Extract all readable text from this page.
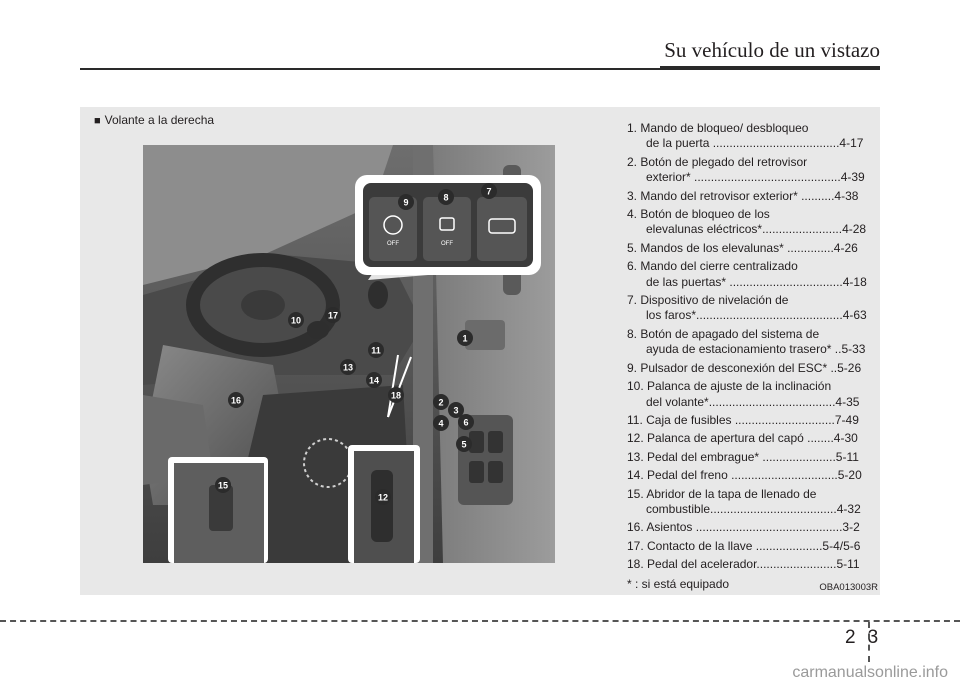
Su vehículo de un vistazo
■ Volante a la derecha
OFF	OFF
7
8
9
1
2
3
4 6
5
10	17
11
13
14
18
16
15
12
1. Mando de bloqueo/ desbloqueo
de la puerta ......................................4-17
2. Botón de plegado del retrovisor
exterior* ............................................4-39
3. Mando del retrovisor exterior* ..........4-38
4. Botón de bloqueo de los
elevalunas eléctricos*........................4-28
5. Mandos de los elevalunas* ..............4-26
6. Mando del cierre centralizado
de las puertas* ..................................4-18
7. Dispositivo de nivelación de
los faros*............................................4-63
8. Botón de apagado del sistema de
ayuda de estacionamiento trasero* ..5-33
9. Pulsador de desconexión del ESC* ..5-26
10. Palanca de ajuste de la inclinación
del volante*......................................4-35
11. Caja de fusibles ..............................7-49
12. Palanca de apertura del capó ........4-30
13. Pedal del embrague* ......................5-11
14. Pedal del freno ................................5-20
15. Abridor de la tapa de llenado de
combustible......................................4-32
16. Asientos ............................................3-2
17. Contacto de la llave ....................5-4/5-6
18. Pedal del acelerador........................5-11
* : si está equipado	OBA013003R
2 3
carmanualsonline.info
